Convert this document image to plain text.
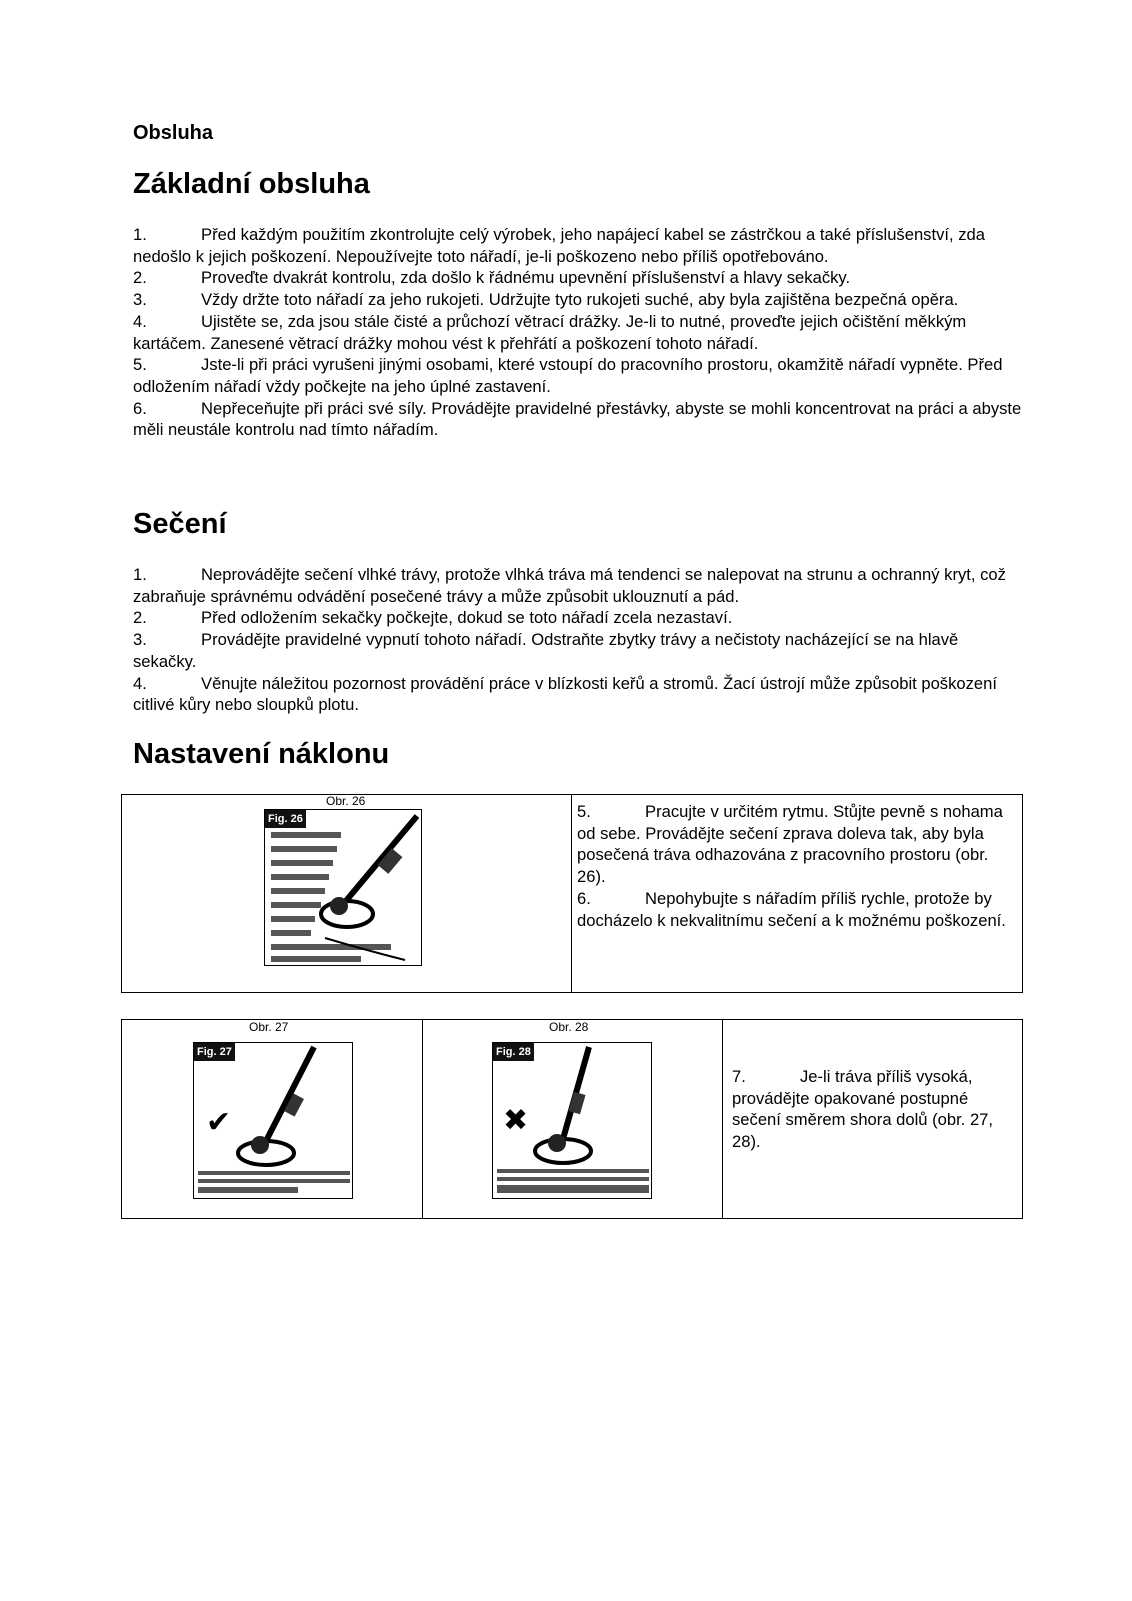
Obsluha

Základní obsluha
1.	Před každým použitím zkontrolujte celý výrobek, jeho napájecí kabel se zástrčkou a také příslušenství, zda nedošlo k jejich poškození. Nepoužívejte toto nářadí, je-li poškozeno nebo příliš opotřebováno.
2.	Proveďte dvakrát kontrolu, zda došlo k řádnému upevnění příslušenství a hlavy sekačky.
3.	Vždy držte toto nářadí za jeho rukojeti. Udržujte tyto rukojeti suché, aby byla zajištěna bezpečná opěra.
4.	Ujistěte se, zda jsou stále čisté a průchozí větrací drážky. Je-li to nutné, proveďte jejich očištění měkkým kartáčem. Zanesené větrací drážky mohou vést k přehřátí a poškození tohoto nářadí.
5.	Jste-li při práci vyrušeni jinými osobami, které vstoupí do pracovního prostoru, okamžitě nářadí vypněte. Před odložením nářadí vždy počkejte na jeho úplné zastavení.
6.	Nepřeceňujte při práci své síly. Provádějte pravidelné přestávky, abyste se mohli koncentrovat na práci a abyste měli neustále kontrolu nad tímto nářadím.
Sečení
1.	Neprovádějte sečení vlhké trávy, protože vlhká tráva má tendenci se nalepovat na strunu a ochranný kryt, což zabraňuje správnému odvádění posečené trávy a může způsobit uklouznutí a pád.
2.	Před odložením sekačky počkejte, dokud se toto nářadí zcela nezastaví.
3.	Provádějte pravidelné vypnutí tohoto nářadí. Odstraňte zbytky trávy a nečistoty nacházející se na hlavě sekačky.
4.	Věnujte náležitou pozornost provádění práce v blízkosti keřů a stromů. Žací ústrojí může způsobit poškození citlivé kůry nebo sloupků plotu.
Nastavení náklonu
Obr. 26
Fig. 26	5.	Pracujte v určitém rytmu. Stůjte pevně s nohama od sebe. Provádějte sečení zprava doleva tak, aby byla posečená tráva odhazována z pracovního prostoru (obr. 26).
6.	Nepohybujte s nářadím příliš rychle, protože by docházelo k nekvalitnímu sečení a k možnému poškození.
Obr. 27
Fig. 27
✔
Obr. 28
Fig. 28
✖
7.	Je-li tráva příliš vysoká, provádějte opakované postupné sečení směrem shora dolů (obr. 27, 28).
